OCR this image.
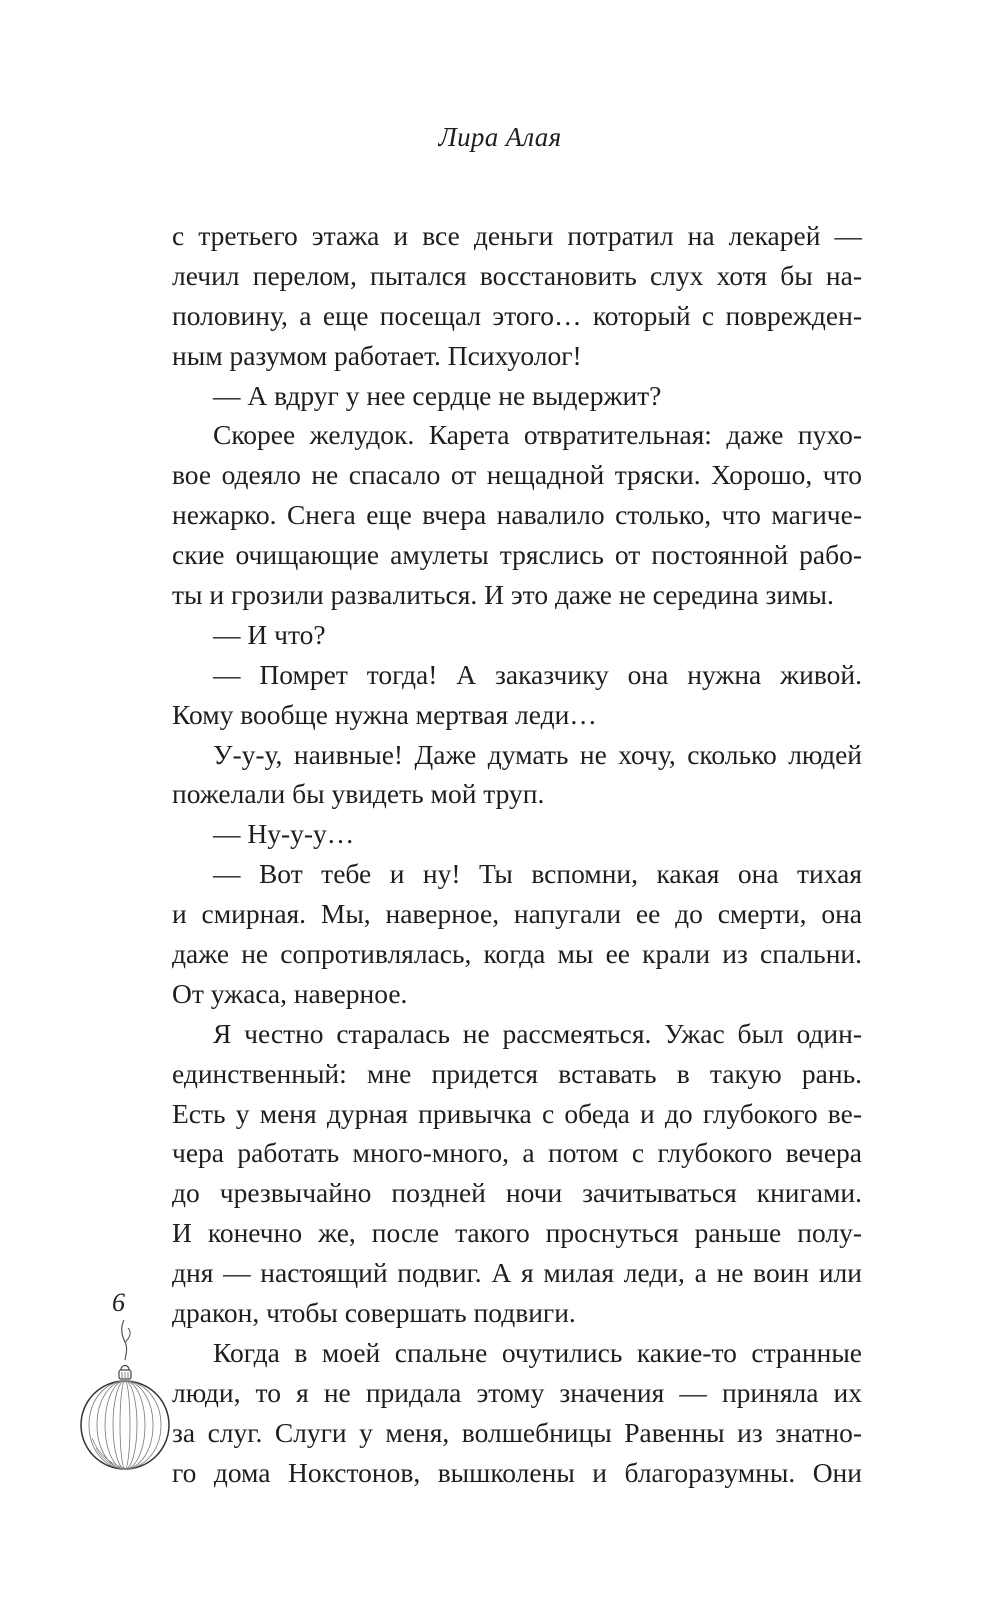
Лира Алая
с третьего этажа и все деньги потратил на лекарей —
лечил перелом, пытался восстановить слух хотя бы на-
половину, а еще посещал этого… который с поврежден-
ным разумом работает. Психуолог!
— А вдруг у нее сердце не выдержит?
Скорее желудок. Карета отвратительная: даже пухо-
вое одеяло не спасало от нещадной тряски. Хорошо, что
нежарко. Снега еще вчера навалило столько, что магиче-
ские очищающие амулеты тряслись от постоянной рабо-
ты и грозили развалиться. И это даже не середина зимы.
— И что?
— Помрет тогда! А заказчику она нужна живой.
Кому вообще нужна мертвая леди…
У-у-у, наивные! Даже думать не хочу, сколько людей
пожелали бы увидеть мой труп.
— Ну-у-у…
— Вот тебе и ну! Ты вспомни, какая она тихая
и смирная. Мы, наверное, напугали ее до смерти, она
даже не сопротивлялась, когда мы ее крали из спальни.
От ужаса, наверное.
Я честно старалась не рассмеяться. Ужас был один-
единственный: мне придется вставать в такую рань.
Есть у меня дурная привычка с обеда и до глубокого ве-
чера работать много-много, а потом с глубокого вечера
до чрезвычайно поздней ночи зачитываться книгами.
И конечно же, после такого проснуться раньше полу-
дня — настоящий подвиг. А я милая леди, а не воин или
дракон, чтобы совершать подвиги.
Когда в моей спальне очутились какие-то странные
люди, то я не придала этому значения — приняла их
за слуг. Слуги у меня, волшебницы Равенны из знатно-
го дома Нокстонов, вышколены и благоразумны. Они
6
